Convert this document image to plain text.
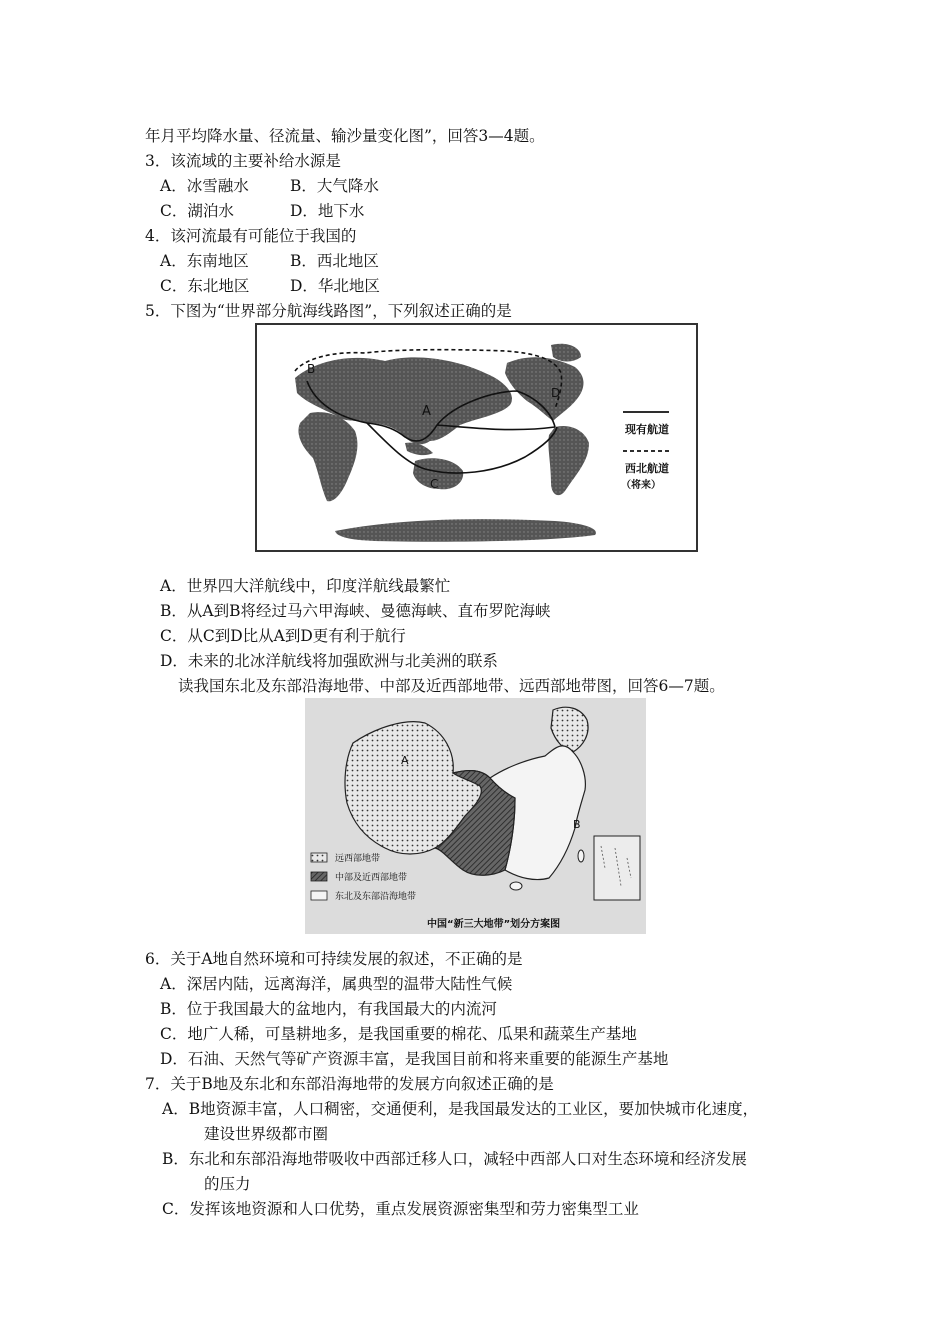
年月平均降水量、径流量、输沙量变化图”，回答3—4题。
3．该流域的主要补给水源是
A．冰雪融水	B．大气降水
C．湖泊水	D．地下水
4．该河流最有可能位于我国的
A．东南地区	B．西北地区
C．东北地区	D．华北地区
5．下图为“世界部分航海线路图”，下列叙述正确的是
B
A
C
D
现有航道
西北航道
（将来）
A．世界四大洋航线中，印度洋航线最繁忙
B．从A到B将经过马六甲海峡、曼德海峡、直布罗陀海峡
C．从C到D比从A到D更有利于航行
D．未来的北冰洋航线将加强欧洲与北美洲的联系
读我国东北及东部沿海地带、中部及近西部地带、远西部地带图，回答6—7题。
A
B
远西部地带
中部及近西部地带
东北及东部沿海地带
中国“新三大地带”划分方案图
6．关于A地自然环境和可持续发展的叙述，不正确的是
A．深居内陆，远离海洋，属典型的温带大陆性气候
B．位于我国最大的盆地内，有我国最大的内流河
C．地广人稀，可垦耕地多，是我国重要的棉花、瓜果和蔬菜生产基地
D．石油、天然气等矿产资源丰富，是我国目前和将来重要的能源生产基地
7．关于B地及东北和东部沿海地带的发展方向叙述正确的是
A．B地资源丰富，人口稠密，交通便利，是我国最发达的工业区，要加快城市化速度，
建设世界级都市圈
B．东北和东部沿海地带吸收中西部迁移人口，减轻中西部人口对生态环境和经济发展
的压力
C．发挥该地资源和人口优势，重点发展资源密集型和劳力密集型工业
